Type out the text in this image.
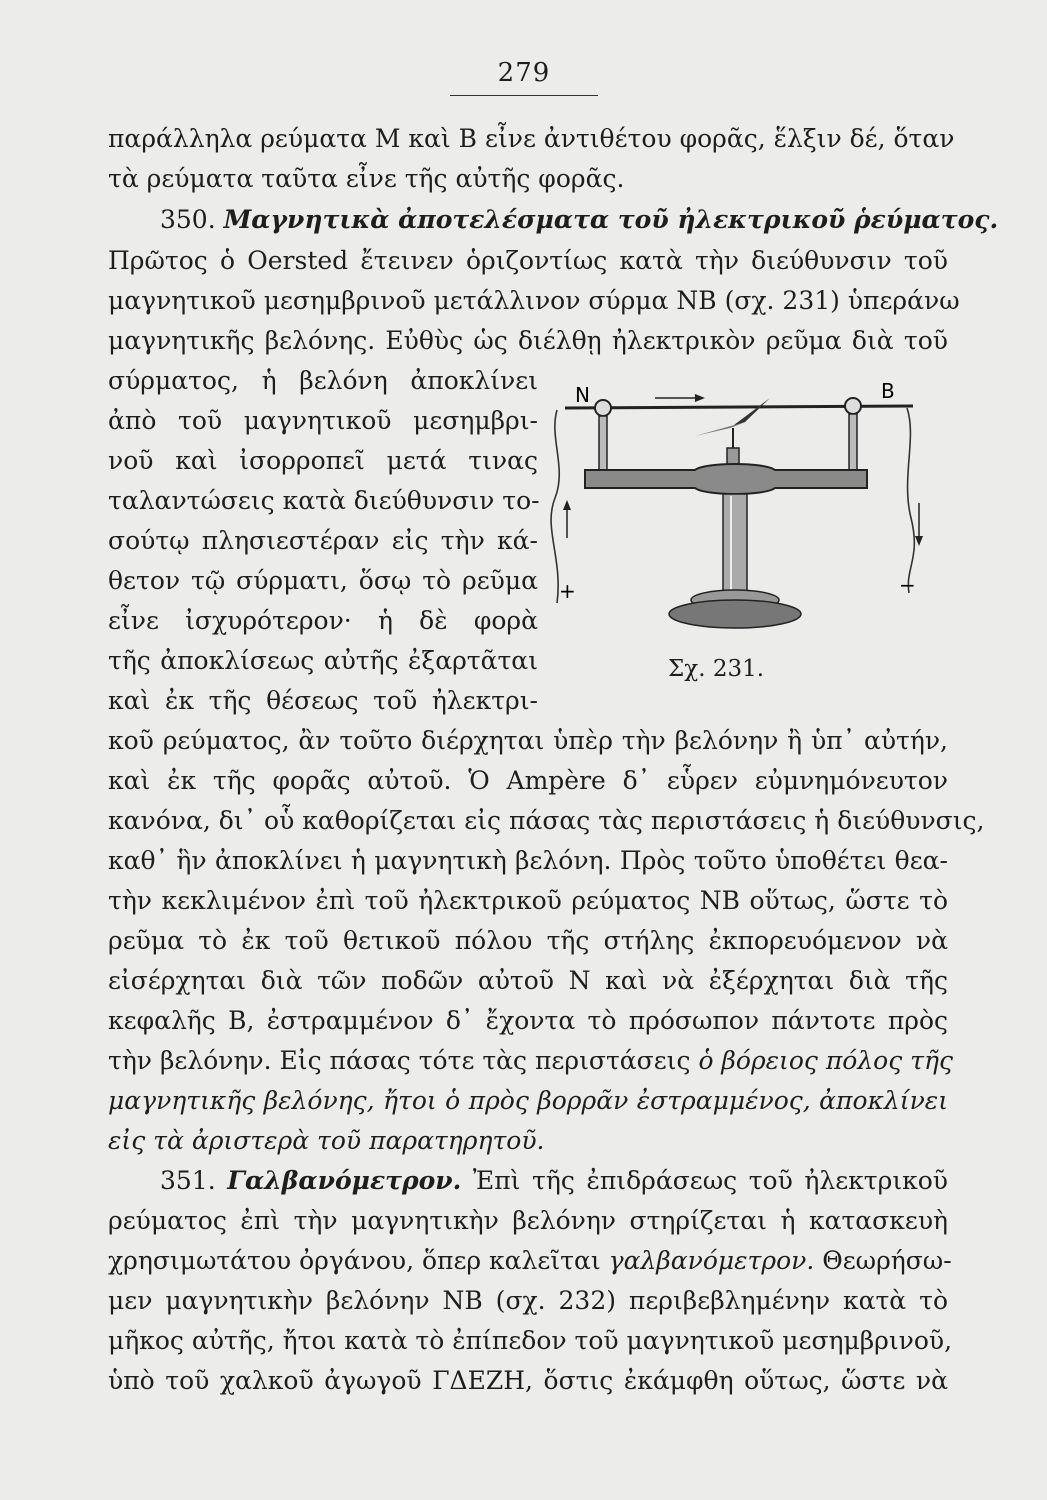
279
παράλληλα ρεύματα Μ καὶ Β εἶνε ἀντιθέτου φορᾶς, ἕλξιν δέ, ὅταν
τὰ ρεύματα ταῦτα εἶνε τῆς αὐτῆς φορᾶς.
350. Μαγνητικὰ ἀποτελέσματα τοῦ ἠλεκτρικοῦ ῥεύματος.
Πρῶτος ὁ Oersted ἔτεινεν ὁριζοντίως κατὰ τὴν διεύθυνσιν τοῦ
μαγνητικοῦ μεσημβρινοῦ μετάλλινον σύρμα ΝΒ (σχ. 231) ὑπεράνω
μαγνητικῆς βελόνης. Εὐθὺς ὡς διέλθῃ ἠλεκτρικὸν ρεῦμα διὰ τοῦ
σύρματος, ἡ βελόνη ἀποκλίνει
ἀπὸ τοῦ μαγνητικοῦ μεσημβρι-
νοῦ καὶ ἰσορροπεῖ μετά τινας
ταλαντώσεις κατὰ διεύθυνσιν το-
σούτῳ πλησιεστέραν εἰς τὴν κά-
θετον τῷ σύρματι, ὅσῳ τὸ ρεῦμα
εἶνε ἰσχυρότερον· ἡ δὲ φορὰ
τῆς ἀποκλίσεως αὐτῆς ἐξαρτᾶται
καὶ ἐκ τῆς θέσεως τοῦ ἠλεκτρι-
κοῦ ρεύματος, ἂν τοῦτο διέρχηται ὑπὲρ τὴν βελόνην ἢ ὑπ᾽ αὐτήν,
καὶ ἐκ τῆς φορᾶς αὐτοῦ. Ὁ Ampère δ᾽ εὗρεν εὐμνημόνευτον
κανόνα, δι᾽ οὗ καθορίζεται εἰς πάσας τὰς περιστάσεις ἡ διεύθυνσις,
καθ᾽ ἣν ἀποκλίνει ἡ μαγνητικὴ βελόνη. Πρὸς τοῦτο ὑποθέτει θεα-
τὴν κεκλιμένον ἐπὶ τοῦ ἠλεκτρικοῦ ρεύματος ΝΒ οὕτως, ὥστε τὸ
ρεῦμα τὸ ἐκ τοῦ θετικοῦ πόλου τῆς στήλης ἐκπορευόμενον νὰ
εἰσέρχηται διὰ τῶν ποδῶν αὐτοῦ Ν καὶ νὰ ἐξέρχηται διὰ τῆς
κεφαλῆς Β, ἐστραμμένον δ᾽ ἔχοντα τὸ πρόσωπον πάντοτε πρὸς
τὴν βελόνην. Εἰς πάσας τότε τὰς περιστάσεις ὁ βόρειος πόλος τῆς
μαγνητικῆς βελόνης, ἤτοι ὁ πρὸς βορρᾶν ἐστραμμένος, ἀποκλίνει
εἰς τὰ ἀριστερὰ τοῦ παρατηρητοῦ.
351. Γαλβανόμετρον. Ἐπὶ τῆς ἐπιδράσεως τοῦ ἠλεκτρικοῦ
ρεύματος ἐπὶ τὴν μαγνητικὴν βελόνην στηρίζεται ἡ κατασκευὴ
χρησιμωτάτου ὀργάνου, ὅπερ καλεῖται γαλβανόμετρον. Θεωρήσω-
μεν μαγνητικὴν βελόνην ΝΒ (σχ. 232) περιβεβλημένην κατὰ τὸ
μῆκος αὐτῆς, ἤτοι κατὰ τὸ ἐπίπεδον τοῦ μαγνητικοῦ μεσημβρινοῦ,
ὑπὸ τοῦ χαλκοῦ ἀγωγοῦ ΓΔΕΖΗ, ὅστις ἐκάμφθη οὕτως, ὥστε νὰ
N	B
+	−
Σχ. 231.
